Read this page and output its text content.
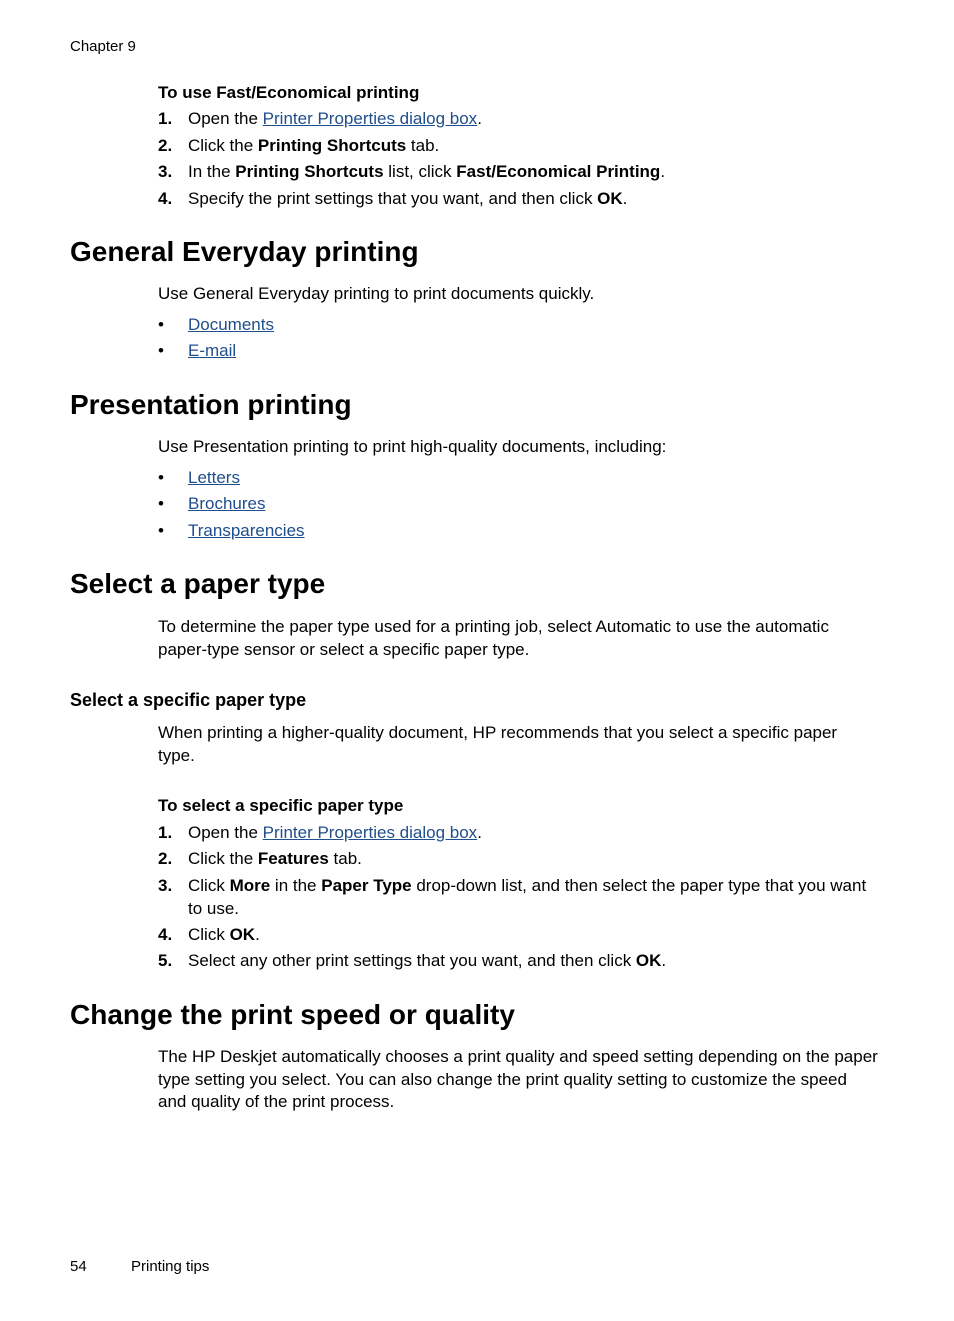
Chapter 9
To use Fast/Economical printing
1. Open the Printer Properties dialog box.
2. Click the Printing Shortcuts tab.
3. In the Printing Shortcuts list, click Fast/Economical Printing.
4. Specify the print settings that you want, and then click OK.
General Everyday printing
Use General Everyday printing to print documents quickly.
• Documents
• E-mail
Presentation printing
Use Presentation printing to print high-quality documents, including:
• Letters
• Brochures
• Transparencies
Select a paper type
To determine the paper type used for a printing job, select Automatic to use the automatic paper-type sensor or select a specific paper type.
Select a specific paper type
When printing a higher-quality document, HP recommends that you select a specific paper type.
To select a specific paper type
1. Open the Printer Properties dialog box.
2. Click the Features tab.
3. Click More in the Paper Type drop-down list, and then select the paper type that you want to use.
4. Click OK.
5. Select any other print settings that you want, and then click OK.
Change the print speed or quality
The HP Deskjet automatically chooses a print quality and speed setting depending on the paper type setting you select. You can also change the print quality setting to customize the speed and quality of the print process.
54	Printing tips
